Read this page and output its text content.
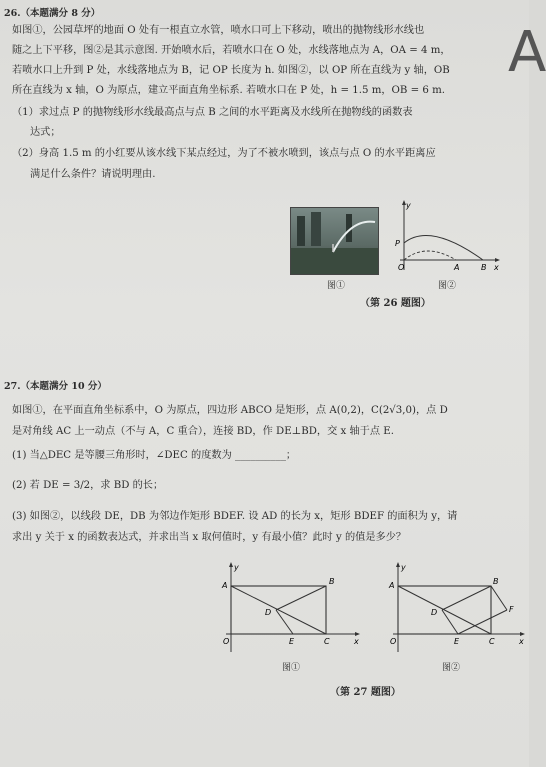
A
26.（本题满分 8 分）
如图①，公园草坪的地面 O 处有一根直立水管，喷水口可上下移动，喷出的抛物线形水线也
随之上下平移，图②是其示意图. 开始喷水后，若喷水口在 O 处，水线落地点为 A，OA = 4 m，
若喷水口上升到 P 处，水线落地点为 B，记 OP 长度为 h. 如图②，以 OP 所在直线为 y 轴，OB
所在直线为 x 轴，O 为原点，建立平面直角坐标系. 若喷水口在 P 处，h = 1.5 m，OB = 6 m.
（1）求过点 P 的抛物线形水线最高点与点 B 之间的水平距离及水线所在抛物线的函数表
达式；
（2）身高 1.5 m 的小红要从该水线下某点经过，为了不被水喷到，该点与点 O 的水平距离应
满足什么条件？请说明理由.
图①
y
P
O	A	B x
图②
（第 26 题图）
27.（本题满分 10 分）
如图①，在平面直角坐标系中，O 为原点，四边形 ABCO 是矩形，点 A(0,2)，C(2√3,0)，点 D
是对角线 AC 上一动点（不与 A，C 重合），连接 BD，作 DE⊥BD，交 x 轴于点 E.
(1) 当△DEC 是等腰三角形时，∠DEC 的度数为 __________；
(2) 若 DE = 3/2，求 BD 的长；
(3) 如图②，以线段 DE，DB 为邻边作矩形 BDEF. 设 AD 的长为 x，矩形 BDEF 的面积为 y，请
求出 y 关于 x 的函数表达式，并求出当 x 取何值时，y 有最小值？此时 y 的值是多少？
y
A	B
D
O	E	C	x
图①
y
A	B
D	F
O	E	C	x
图②
（第 27 题图）
